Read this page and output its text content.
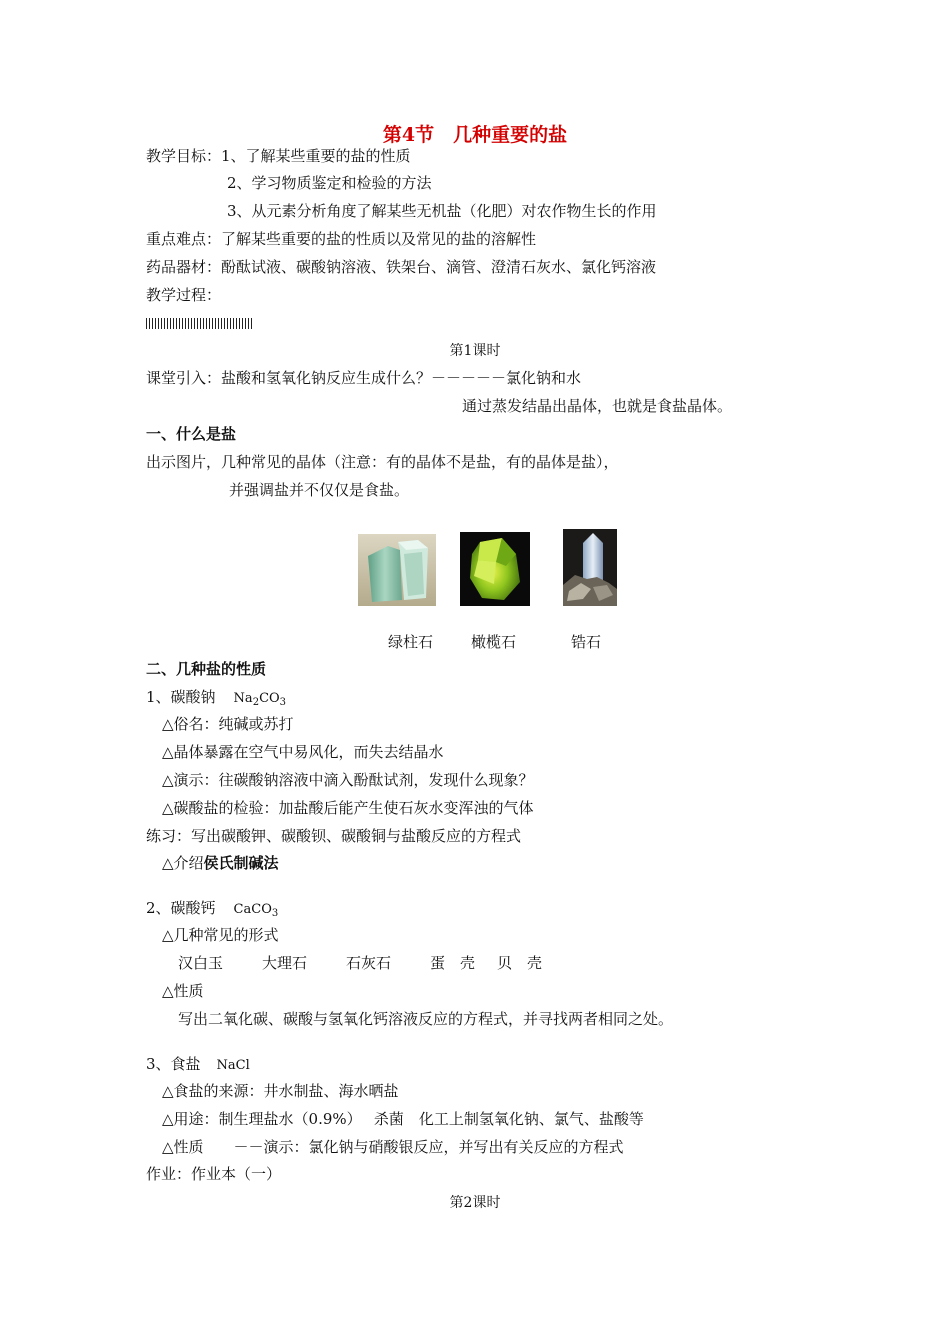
第4节　几种重要的盐
教学目标：1、了解某些重要的盐的性质
2、学习物质鉴定和检验的方法
3、从元素分析角度了解某些无机盐（化肥）对农作物生长的作用
重点难点：了解某些重要的盐的性质以及常见的盐的溶解性
药品器材：酚酞试液、碳酸钠溶液、铁架台、滴管、澄清石灰水、氯化钙溶液
教学过程：
第1课时
课堂引入：盐酸和氢氧化钠反应生成什么？－－－－－氯化钠和水
通过蒸发结晶出晶体，也就是食盐晶体。
一、什么是盐
出示图片，几种常见的晶体（注意：有的晶体不是盐，有的晶体是盐），
并强调盐并不仅仅是食盐。
绿柱石	橄榄石	锆石
二、几种盐的性质
1、碳酸钠 $Na_2CO_3$
△俗名：纯碱或苏打
△晶体暴露在空气中易风化，而失去结晶水
△演示：往碳酸钠溶液中滴入酚酞试剂，发现什么现象？
△碳酸盐的检验：加盐酸后能产生使石灰水变浑浊的气体
练习：写出碳酸钾、碳酸钡、碳酸铜与盐酸反应的方程式
△介绍侯氏制碱法
2、碳酸钙 CaCO$_3$
△几种常见的形式
汉白玉	大理石	石灰石	蛋　壳 贝　壳
△性质
写出二氧化碳、碳酸与氢氧化钙溶液反应的方程式，并寻找两者相同之处。
3、食盐 NaCl
△食盐的来源：井水制盐、海水晒盐
△用途：制生理盐水（0.9%）　 杀菌　化工上制氢氧化钠、氯气、盐酸等
△性质　　－－演示：氯化钠与硝酸银反应，并写出有关反应的方程式
作业：作业本（一）
第2课时
